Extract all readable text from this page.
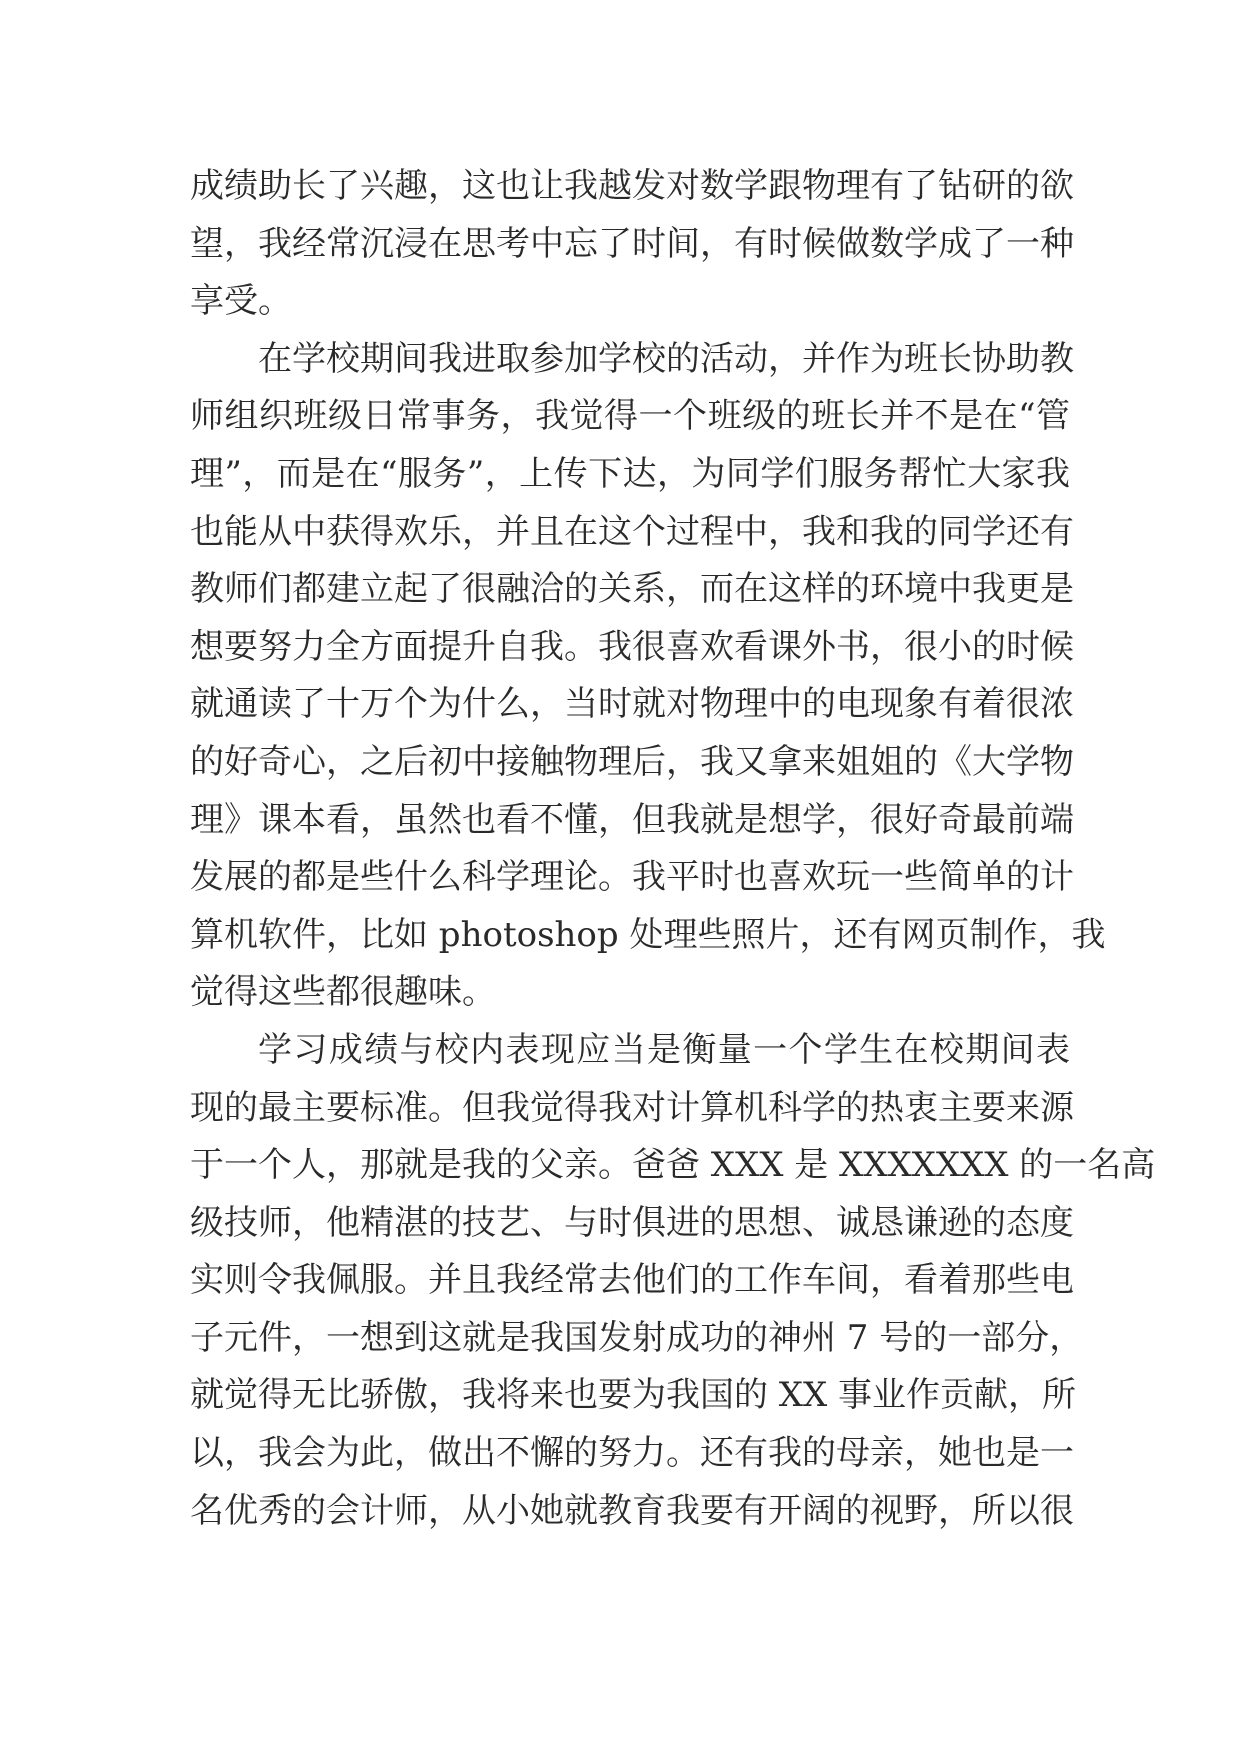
成绩助长了兴趣，这也让我越发对数学跟物理有了钻研的欲
望，我经常沉浸在思考中忘了时间，有时候做数学成了一种
享受。
在学校期间我进取参加学校的活动，并作为班长协助教
师组织班级日常事务，我觉得一个班级的班长并不是在“管
理”，而是在“服务”，上传下达，为同学们服务帮忙大家我
也能从中获得欢乐，并且在这个过程中，我和我的同学还有
教师们都建立起了很融洽的关系，而在这样的环境中我更是
想要努力全方面提升自我。我很喜欢看课外书，很小的时候
就通读了十万个为什么，当时就对物理中的电现象有着很浓
的好奇心，之后初中接触物理后，我又拿来姐姐的《大学物
理》课本看，虽然也看不懂，但我就是想学，很好奇最前端
发展的都是些什么科学理论。我平时也喜欢玩一些简单的计
算机软件，比如 photoshop 处理些照片，还有网页制作，我
觉得这些都很趣味。
学习成绩与校内表现应当是衡量一个学生在校期间表
现的最主要标准。但我觉得我对计算机科学的热衷主要来源
于一个人，那就是我的父亲。爸爸 XXX 是 XXXXXXX 的一名高
级技师，他精湛的技艺、与时俱进的思想、诚恳谦逊的态度
实则令我佩服。并且我经常去他们的工作车间，看着那些电
子元件，一想到这就是我国发射成功的神州 7 号的一部分，
就觉得无比骄傲，我将来也要为我国的 XX 事业作贡献，所
以，我会为此，做出不懈的努力。还有我的母亲，她也是一
名优秀的会计师，从小她就教育我要有开阔的视野，所以很
